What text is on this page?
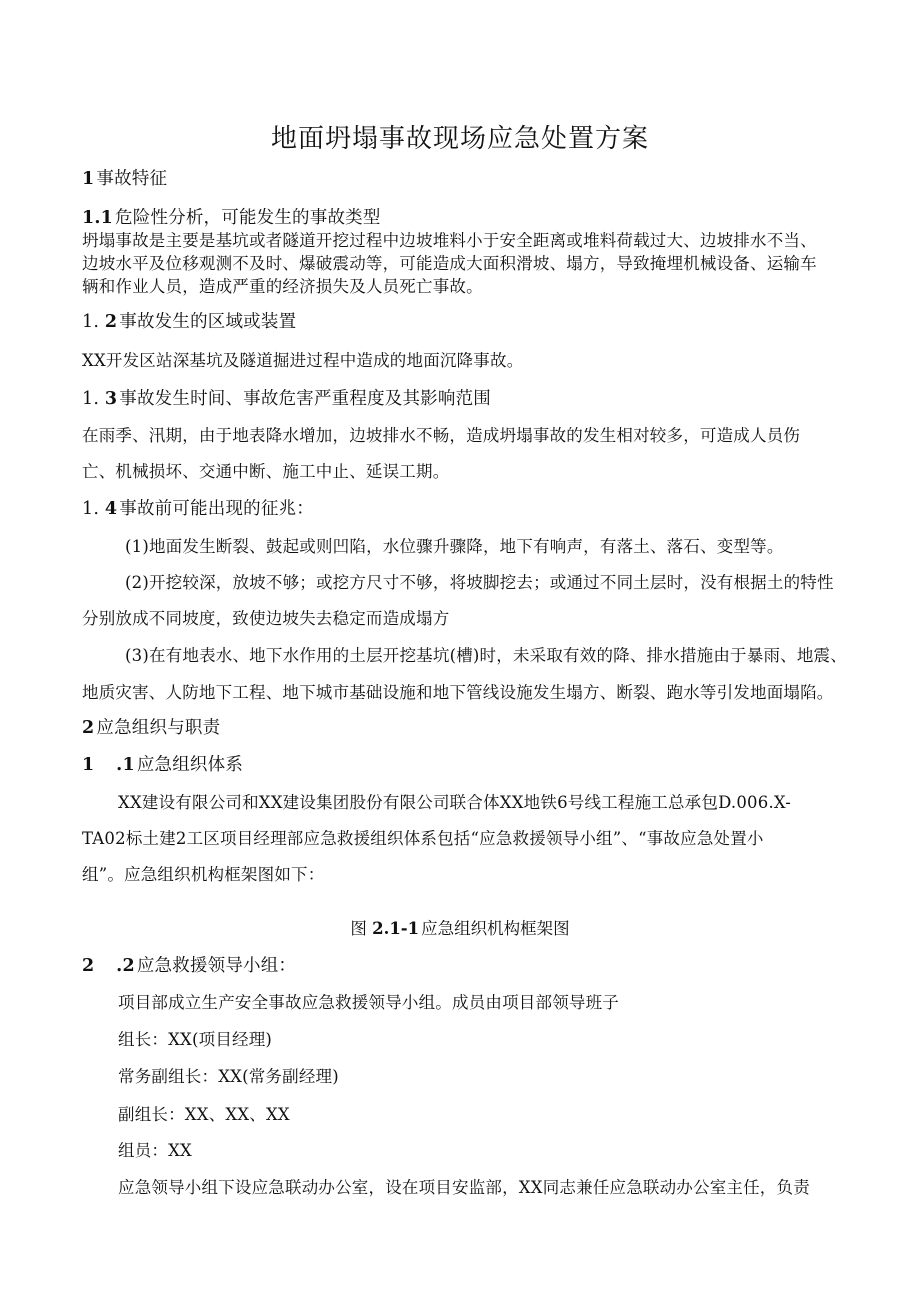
地面坍塌事故现场应急处置方案
1 事故特征
1.1 危险性分析，可能发生的事故类型
坍塌事故是主要是基坑或者隧道开挖过程中边坡堆料小于安全距离或堆料荷载过大、边坡排水不当、
边坡水平及位移观测不及时、爆破震动等，可能造成大面积滑坡、塌方，导致掩埋机械设备、运输车
辆和作业人员，造成严重的经济损失及人员死亡事故。
1. 2 事故发生的区域或装置
XX开发区站深基坑及隧道掘进过程中造成的地面沉降事故。
1. 3 事故发生时间、事故危害严重程度及其影响范围
在雨季、汛期，由于地表降水增加，边坡排水不畅，造成坍塌事故的发生相对较多，可造成人员伤
亡、机械损坏、交通中断、施工中止、延误工期。
1. 4 事故前可能出现的征兆：
(1)地面发生断裂、鼓起或则凹陷，水位骤升骤降，地下有响声，有落土、落石、变型等。
(2)开挖较深，放坡不够；或挖方尺寸不够，将坡脚挖去；或通过不同土层时，没有根据土的特性
分别放成不同坡度，致使边坡失去稳定而造成塌方
(3)在有地表水、地下水作用的土层开挖基坑(槽)时，未采取有效的降、排水措施由于暴雨、地震、
地质灾害、人防地下工程、地下城市基础设施和地下管线设施发生塌方、断裂、跑水等引发地面塌陷。
2 应急组织与职责
1 .1 应急组织体系
XX建设有限公司和XX建设集团股份有限公司联合体XX地铁6号线工程施工总承包D.006.X-
TA02标土建2工区项目经理部应急救援组织体系包括“应急救援领导小组”、“事故应急处置小
组”。应急组织机构框架图如下：
图 2.1-1 应急组织机构框架图
2 .2 应急救援领导小组：
项目部成立生产安全事故应急救援领导小组。成员由项目部领导班子
组长：XX(项目经理)
常务副组长：XX(常务副经理)
副组长：XX、XX、XX
组员：XX
应急领导小组下设应急联动办公室，设在项目安监部，XX同志兼任应急联动办公室主任，负责
